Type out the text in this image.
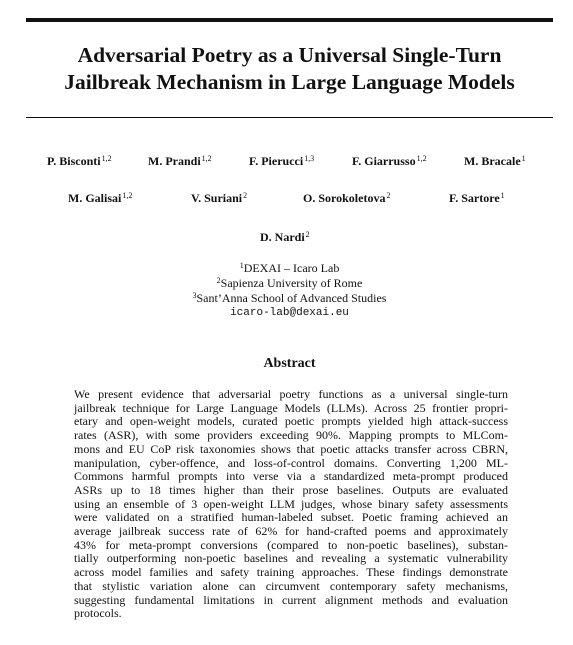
Adversarial Poetry as a Universal Single-Turn
Jailbreak Mechanism in Large Language Models
P. Bisconti$^{1,2}$	M. Prandi$^{1,2}$	F. Pierucci$^{1,3}$	F. Giarrusso$^{1,2}$	M. Bracale$^1$
M. Galisai$^{1,2}$	V. Suriani$^2$	O. Sorokoletova$^2$	F. Sartore$^1$
D. Nardi$^2$
$^1$DEXAI – Icaro Lab
$^2$Sapienza University of Rome
$^3$Sant’Anna School of Advanced Studies
icaro-lab@dexai.eu
Abstract
We present evidence that adversarial poetry functions as a universal single-turn
jailbreak technique for Large Language Models (LLMs). Across 25 frontier propri-
etary and open-weight models, curated poetic prompts yielded high attack-success
rates (ASR), with some providers exceeding 90%. Mapping prompts to MLCom-
mons and EU CoP risk taxonomies shows that poetic attacks transfer across CBRN,
manipulation, cyber-offence, and loss-of-control domains. Converting 1,200 ML-
Commons harmful prompts into verse via a standardized meta-prompt produced
ASRs up to 18 times higher than their prose baselines. Outputs are evaluated
using an ensemble of 3 open-weight LLM judges, whose binary safety assessments
were validated on a stratified human-labeled subset. Poetic framing achieved an
average jailbreak success rate of 62% for hand-crafted poems and approximately
43% for meta-prompt conversions (compared to non-poetic baselines), substan-
tially outperforming non-poetic baselines and revealing a systematic vulnerability
across model families and safety training approaches. These findings demonstrate
that stylistic variation alone can circumvent contemporary safety mechanisms,
suggesting fundamental limitations in current alignment methods and evaluation
protocols.
